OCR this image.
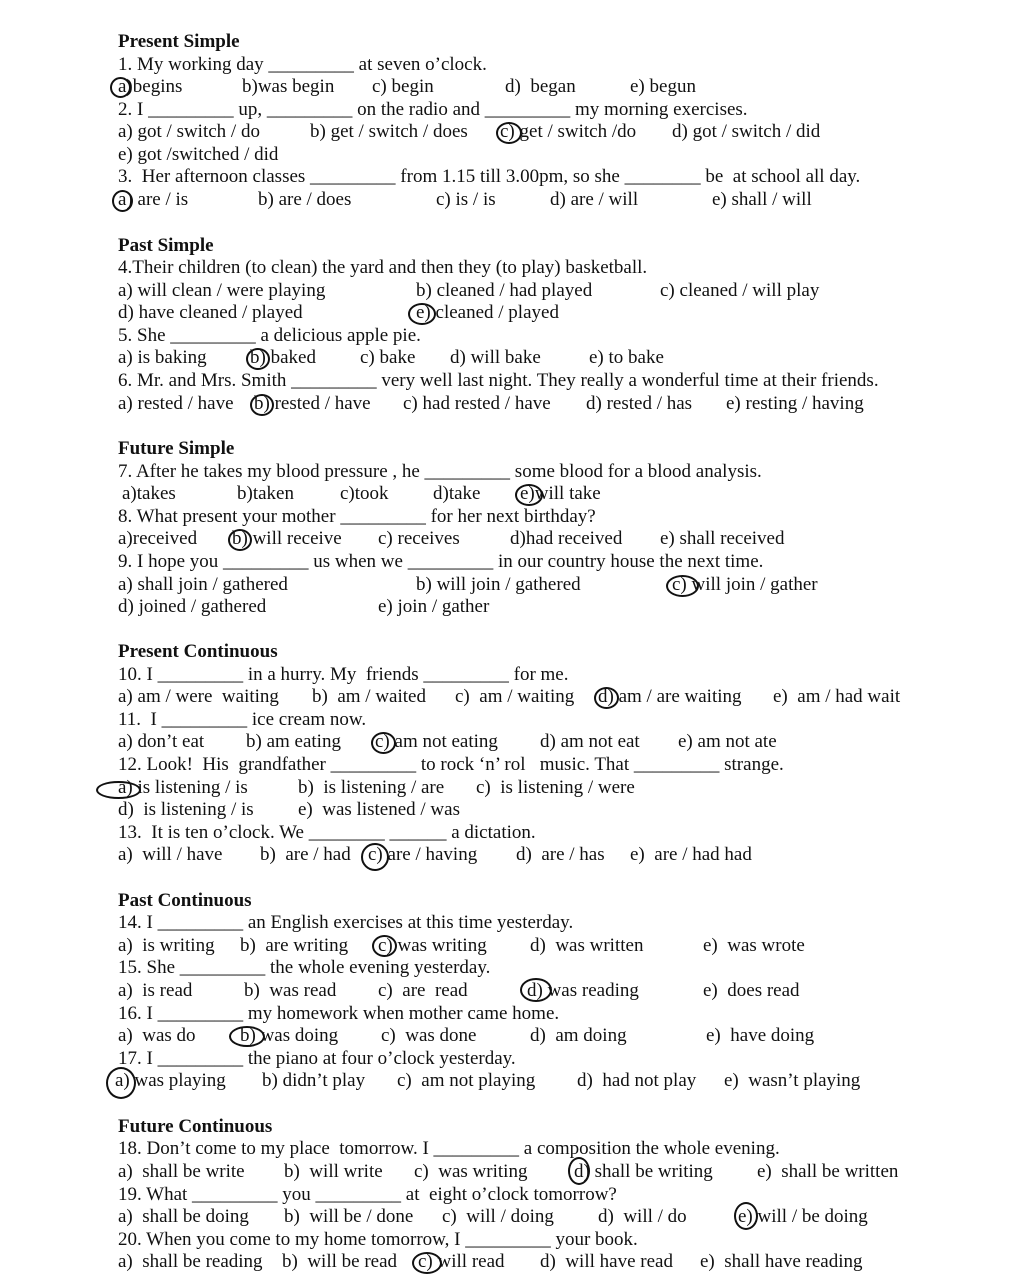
Present Simple
1. My working day _________ at seven o’clock.
a)begins	b)was begin c) begin	d)  began	e) begun
2. I _________ up, _________ on the radio and _________ my morning exercises.
a) got / switch / do	b) get / switch / does c) get / switch /do d) got / switch / did
e) got /switched / did
3.  Her afternoon classes _________ from 1.15 till 3.00pm, so she ________ be  at school all day.
a) are / is	b) are / does	c) is / is	d) are / will	e) shall / will
Past Simple
4.Their children (to clean) the yard and then they (to play) basketball.
a) will clean / were playing	b) cleaned / had played	c) cleaned / will play
d) have cleaned / played	e) cleaned / played
5. She _________ a delicious apple pie.
a) is baking b) baked c) bake d) will bake	e) to bake
6. Mr. and Mrs. Smith _________ very well last night. They really a wonderful time at their friends.
a) rested / have b) rested / have c) had rested / have d) rested / has e) resting / having
Future Simple
7. After he takes my blood pressure , he _________ some blood for a blood analysis.
a)takes	b)taken c)took d)take e)will take
8. What present your mother _________ for her next birthday?
a)received b) will receive c) receives	d)had received e) shall received
9. I hope you _________ us when we _________ in our country house the next time.
a) shall join / gathered	b) will join / gathered	c) will join / gather
d) joined / gathered	e) join / gather
Present Continuous
10. I _________ in a hurry. My  friends _________ for me.
a) am / were  waiting b)  am / waited c)  am / waiting d) am / are waiting e)  am / had wait
11.  I _________ ice cream now.
a) don’t eat b) am eating c) am not eating d) am not eat e) am not ate
12. Look!  His  grandfather _________ to rock ‘n’ rol   music. That _________ strange.
a) is listening / is	b)  is listening / are c)  is listening / were
d)  is listening / is e)  was listened / was
13.  It is ten o’clock. We ________ ______ a dictation.
a)  will / have b)  are / had c) are / having d)  are / has e)  are / had had
Past Continuous
14. I _________ an English exercises at this time yesterday.
a)  is writing b)  are writing c) was writing d)  was written	e)  was wrote
15. She _________ the whole evening yesterday.
a)  is read	b)  was read c)  are  read	d) was reading	e)  does read
16. I _________ my homework when mother came home.
a)  was do b) was doing c)  was done	d)  am doing	e)  have doing
17. I _________ the piano at four o’clock yesterday.
a) was playing b) didn’t play c)  am not playing d)  had not play e)  wasn’t playing
Future Continuous
18. Don’t come to my place  tomorrow. I _________ a composition the whole evening.
a)  shall be write b)  will write c)  was writing d) shall be writing e)  shall be written
19. What _________ you _________ at  eight o’clock tomorrow?
a)  shall be doing b)  will be / done c)  will / doing d)  will / do	e) will / be doing
20. When you come to my home tomorrow, I _________ your book.
a)  shall be reading b)  will be read c) will read d)  will have read e)  shall have reading
